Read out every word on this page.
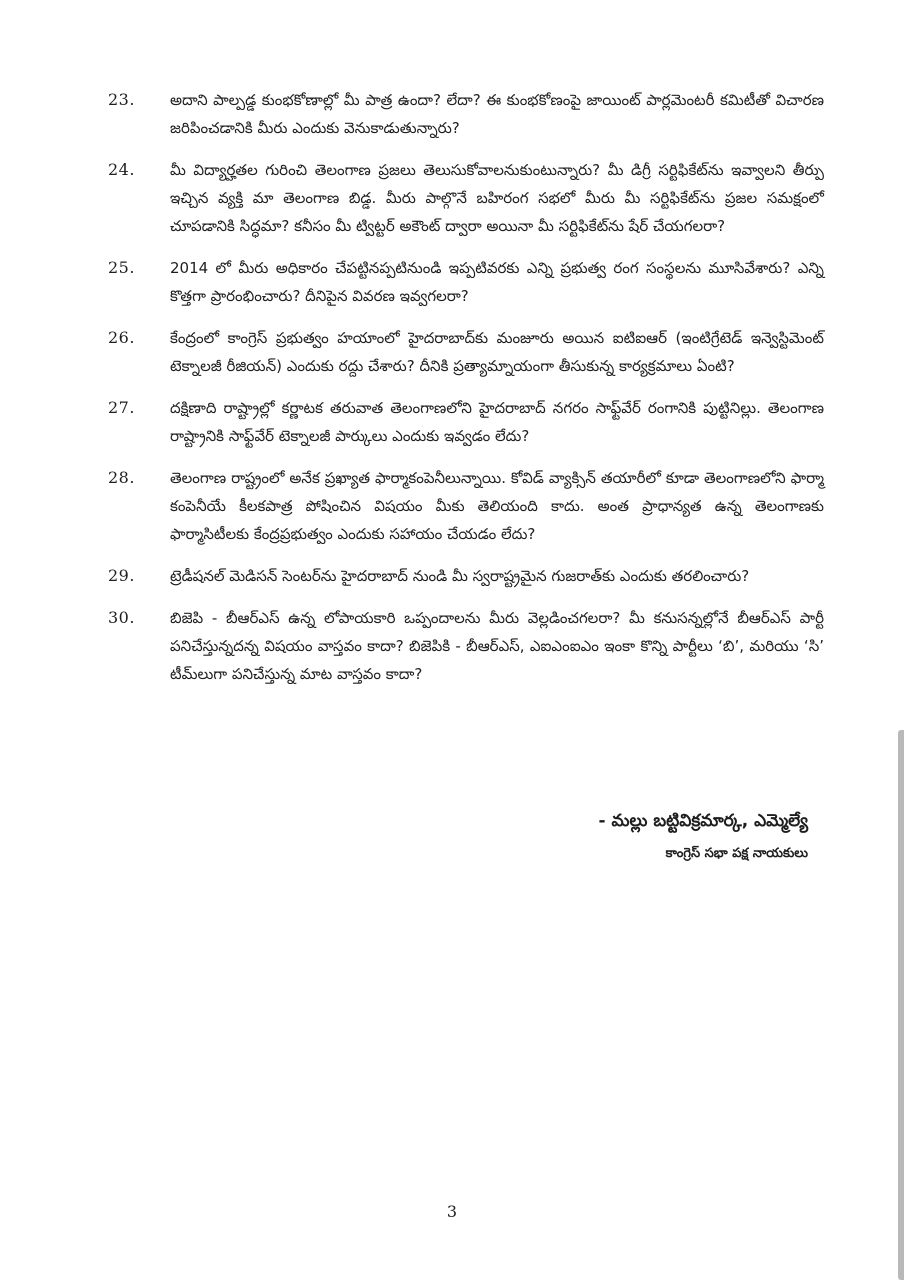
23.	అదాని పాల్పడ్డ కుంభకోణాల్లో మీ పాత్ర ఉందా? లేదా? ఈ కుంభకోణంపై జాయింట్ పార్లమెంటరీ కమిటీతో విచారణ జరిపించడానికి మీరు ఎందుకు వెనుకాడుతున్నారు?
24.	మీ విద్యార్హతల గురించి తెలంగాణ ప్రజలు తెలుసుకోవాలనుకుంటున్నారు? మీ డిగ్రీ సర్టిఫికేట్‌ను ఇవ్వాలని తీర్పు ఇచ్చిన వ్యక్తి మా తెలంగాణ బిడ్డ. మీరు పాల్గొనే బహిరంగ సభలో మీరు మీ సర్టిఫికేట్‌ను ప్రజల సమక్షంలో చూపడానికి సిద్ధమా? కనీసం మీ ట్విట్టర్ అకౌంట్ ద్వారా అయినా మీ సర్టిఫికేట్‌ను షేర్ చేయగలరా?
25.	2014 లో మీరు అధికారం చేపట్టినప్పటినుండి ఇప్పటివరకు ఎన్ని ప్రభుత్వ రంగ సంస్థలను మూసివేశారు? ఎన్ని కొత్తగా ప్రారంభించారు? దీనిపైన వివరణ ఇవ్వగలరా?
26.	కేంద్రంలో కాంగ్రెస్ ప్రభుత్వం హయాంలో హైదరాబాద్‌కు మంజూరు అయిన ఐటిఐఆర్ (ఇంటిగ్రేటెడ్ ఇన్వెస్టిమెంట్ టెక్నాలజీ రీజియన్) ఎందుకు రద్దు చేశారు? దీనికి ప్రత్యామ్నాయంగా తీసుకున్న కార్యక్రమాలు ఏంటి?
27.	దక్షిణాది రాష్ట్రాల్లో కర్ణాటక తరువాత తెలంగాణలోని హైదరాబాద్ నగరం సాఫ్ట్‌వేర్ రంగానికి పుట్టినిల్లు. తెలంగాణ రాష్ట్రానికి సాఫ్ట్‌వేర్ టెక్నాలజీ పార్కులు ఎందుకు ఇవ్వడం లేదు?
28.	తెలంగాణ రాష్ట్రంలో అనేక ప్రఖ్యాత ఫార్మాకంపెనీలున్నాయి. కోవిడ్ వ్యాక్సిన్ తయారీలో కూడా తెలంగాణలోని ఫార్మా కంపెనీయే కీలకపాత్ర పోషించిన విషయం మీకు తెలియంది కాదు. అంత ప్రాధాన్యత ఉన్న తెలంగాణకు ఫార్మాసిటీలకు కేంద్రప్రభుత్వం ఎందుకు సహాయం చేయడం లేదు?
29.	ట్రెడీషనల్ మెడిసన్ సెంటర్‌ను హైదరాబాద్ నుండి మీ స్వరాష్ట్రమైన గుజరాత్‌కు ఎందుకు తరలించారు?
30.	బిజెపి - బీఆర్ఎస్ ఉన్న లోపాయకారి ఒప్పందాలను మీరు వెల్లడించగలరా? మీ కనుసన్నల్లోనే బీఆర్ఎస్ పార్టీ పనిచేస్తున్నదన్న విషయం వాస్తవం కాదా? బిజెపికి - బీఆర్ఎస్, ఎఐఎంఐఎం ఇంకా కొన్ని పార్టీలు ‘బి’, మరియు ‘సి’ టీమ్‌లుగా పనిచేస్తున్న మాట వాస్తవం కాదా?
- మల్లు బట్టివిక్రమార్క, ఎమ్మెల్యే
కాంగ్రెస్ సభా పక్ష నాయకులు
3
